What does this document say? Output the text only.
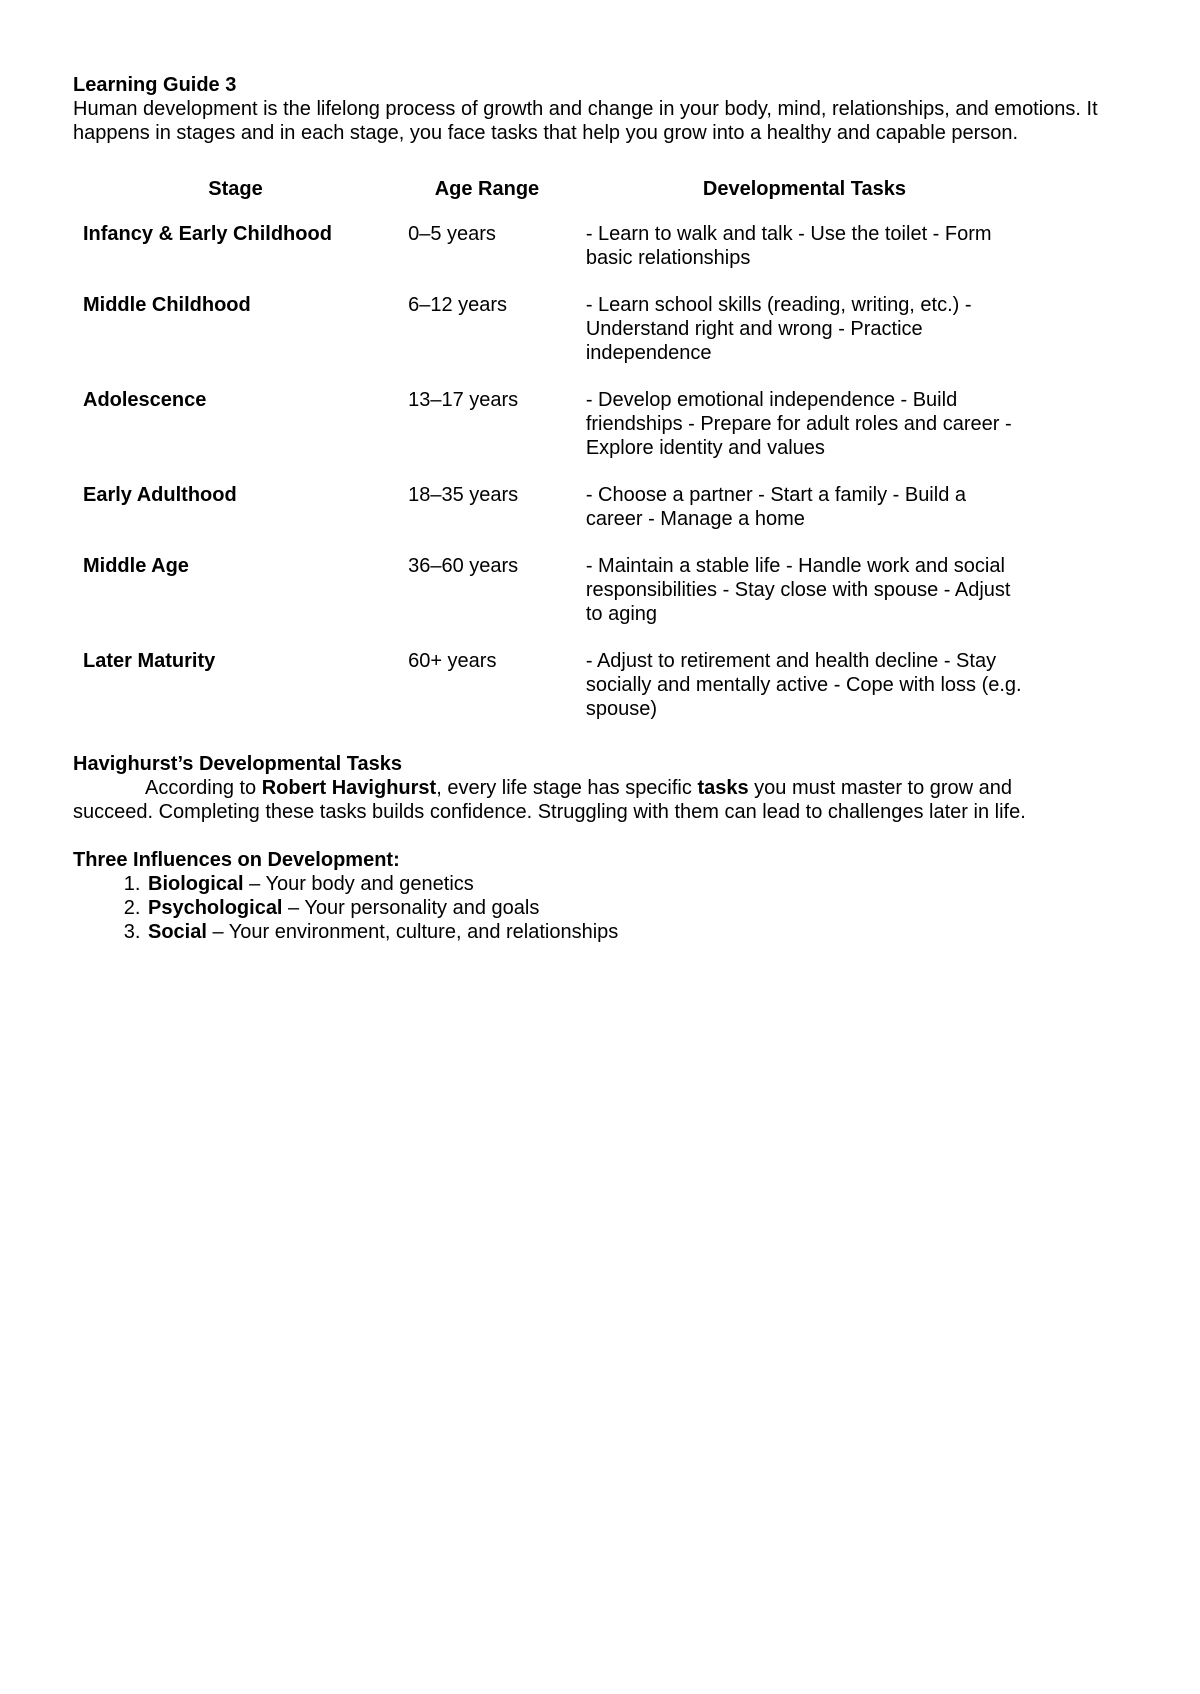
Learning Guide 3

Human development is the lifelong process of growth and change in your body, mind, relationships, and emotions. It happens in stages and in each stage, you face tasks that help you grow into a healthy and capable person.

Stage	Age Range	Developmental Tasks
Infancy & Early Childhood	0–5 years	- Learn to walk and talk - Use the toilet - Form basic relationships
Middle Childhood	6–12 years	- Learn school skills (reading, writing, etc.) - Understand right and wrong - Practice independence
Adolescence	13–17 years	- Develop emotional independence - Build friendships - Prepare for adult roles and career - Explore identity and values
Early Adulthood	18–35 years	- Choose a partner - Start a family - Build a career - Manage a home
Middle Age	36–60 years	- Maintain a stable life - Handle work and social responsibilities - Stay close with spouse - Adjust to aging
Later Maturity	60+ years	- Adjust to retirement and health decline - Stay socially and mentally active - Cope with loss (e.g. spouse)

Havighurst’s Developmental Tasks

According to Robert Havighurst, every life stage has specific tasks you must master to grow and succeed. Completing these tasks builds confidence. Struggling with them can lead to challenges later in life.

Three Influences on Development:

1. Biological – Your body and genetics
2. Psychological – Your personality and goals
3. Social – Your environment, culture, and relationships
